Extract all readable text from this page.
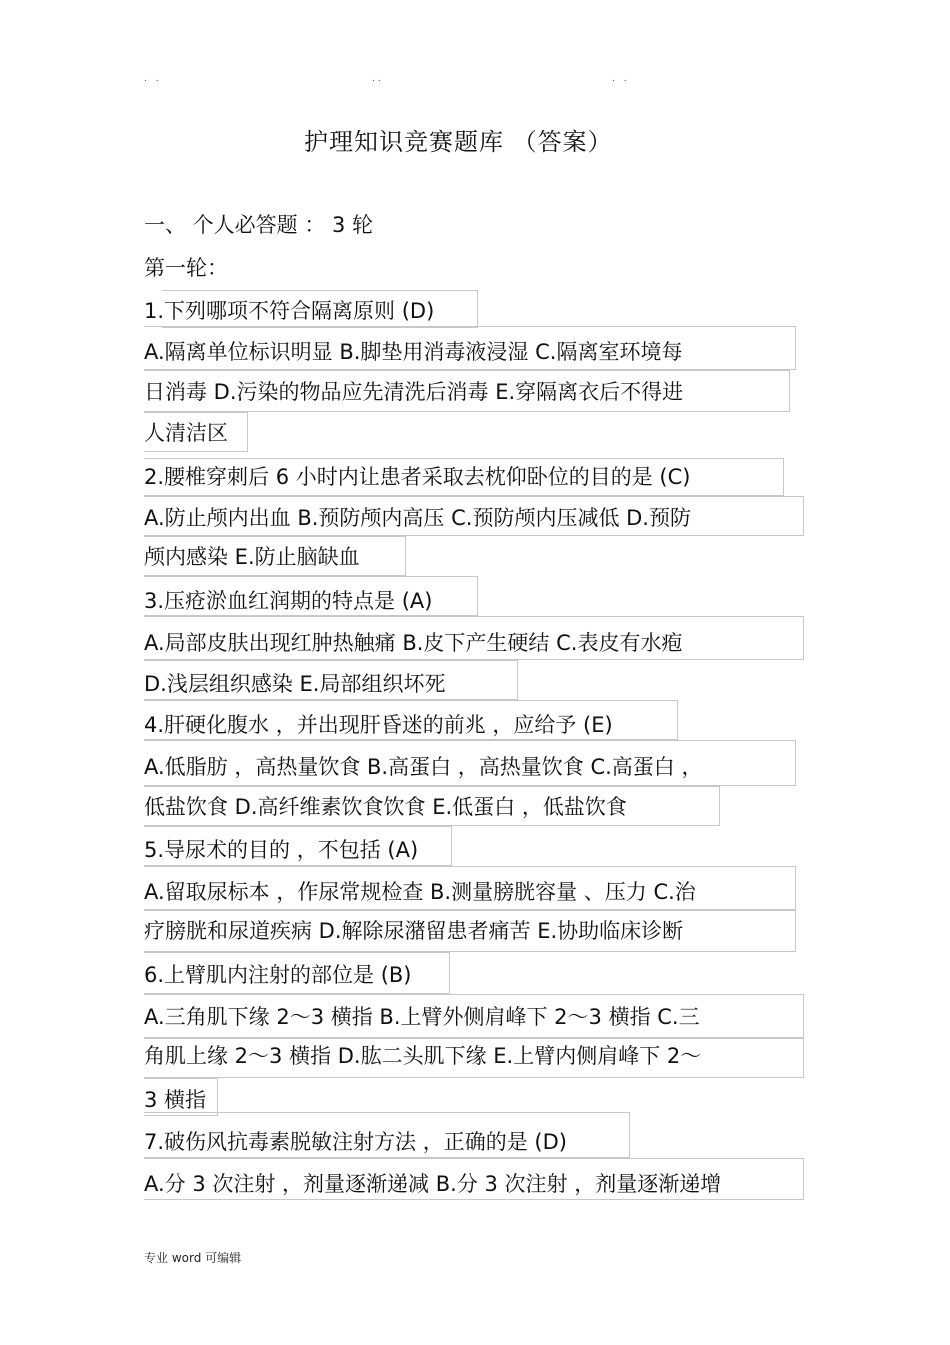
. .	..	. .
护理知识竞赛题库 （答案）
一、 个人必答题 ： 3 轮
第一轮：
1.下列哪项不符合隔离原则 (D)
A.隔离单位标识明显 B.脚垫用消毒液浸湿 C.隔离室环境每
日消毒 D.污染的物品应先清洗后消毒 E.穿隔离衣后不得进
人清洁区
2.腰椎穿刺后 6 小时内让患者采取去枕仰卧位的目的是 (C)
A.防止颅内出血 B.预防颅内高压 C.预防颅内压减低 D.预防
颅内感染 E.防止脑缺血
3.压疮淤血红润期的特点是 (A)
A.局部皮肤出现红肿热触痛 B.皮下产生硬结 C.表皮有水疱
D.浅层组织感染 E.局部组织坏死
4.肝硬化腹水 ，并出现肝昏迷的前兆 ，应给予 (E)
A.低脂肪 ，高热量饮食 B.高蛋白 ，高热量饮食 C.高蛋白 ，
低盐饮食 D.高纤维素饮食饮食 E.低蛋白 ，低盐饮食
5.导尿术的目的 ，不包括 (A)
A.留取尿标本 ，作尿常规检查 B.测量膀胱容量 、压力 C.治
疗膀胱和尿道疾病 D.解除尿潴留患者痛苦 E.协助临床诊断
6.上臂肌内注射的部位是 (B)
A.三角肌下缘 2～3 横指 B.上臂外侧肩峰下 2～3 横指 C.三
角肌上缘 2～3 横指 D.肱二头肌下缘 E.上臂内侧肩峰下 2～
3 横指
7.破伤风抗毒素脱敏注射方法 ，正确的是 (D)
A.分 3 次注射 ，剂量逐渐递减 B.分 3 次注射 ，剂量逐渐递增
专业 word 可编辑
